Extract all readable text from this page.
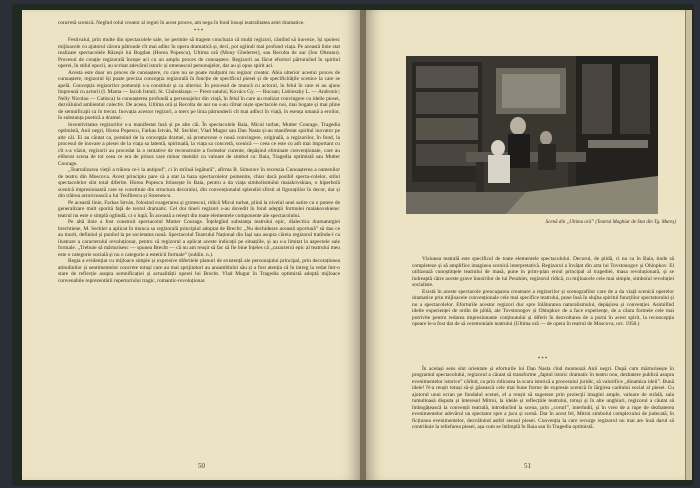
concretă scenică. Negînd rolul creator al regiei în acest proces, am nega în fond însuși teatralitatea artei dramatice.

***

Festivalul, prin multe din spectacolele sale, ne permite să tragem concluzia că mulți regizori, căutînd să inoveze, își spoiesc mijloacele cu ajutorul cărora pătrunde cît mai adînc în opera dramatică și, deci, pot oglindi mai profund viața. Pe această linie stat realizate spectacolele Răzeșii lui Bogdan (Horea Popescu), Ultima oră (Mony Ghelerter), sau Recolta de aur (Ion Olteanu). Procesul de creație regizorală începe aci cu un amplu proces de cunoaștere. Regizorii au făcut eforturi pătrunzînd în spiritul operei, în stilul epocii, au scrisat adevărul istoric și omenescul personajelor, dar au și opus spirit aci.

Acesta este doar un proces de cunoaștere, cu care nu se poate mulțumi nu regizor creator. Abia ulterior acestui proces de cunoaștere, regizorul își poate preciza concepția regizorală în funcție de specificul piesei și de specificitățile scenice la care se apelă. Concepția regizorilor pomeniți s-a constituit și ca ulterior. În procesul de muncă cu actorul, în felul în care ei au ajuns împreună cu actorii (I. Manta — Iacob Istrati; St. Ciubotărașu — Preot satului; Kovács Gy. — Bucsan; Lobinszky L. — Andronic; Nelly Nicolau — Catinca) la cunoașterea profundă a personajelor din viață, în felul în care au realizat convingere cu ideile piesei, dezvăluind ambientul colectiv. De aceea, Ultima oră și Recolta de aur nu s-au cîrnat niște spectacole noi, mai bogate și mai pline de semnificații ca în trecut. Inovația acestor regizori, a mers pe linia pătrunderii cît mai adînci în viață, în esența umană a eroilor, în substanța poetică a dramei.

Inventivitatea regizorilor s-a manifestat însă și pe alte căi. În spectacolele Baia, Micul turbat, Mutter Courage, Tragedia optimistă, Anii negri, Horea Popescu, Farkas István, M. Seckler, Vlad Mugur sau Dan Nasta și-au manifestat spiritul inovator pe alte căi. Ei au căutat ca, pornind de la concepția dramei, să promoveze o nouă convingere, originală, a regizorilor, în fond, la procesul de inovare a piesei de la viața sa latentă, spirituală, la viața sa concretă, scenică — ceea ce este cu atît mai important cu cît s-a văzut, regizorii au procedat la o tentative de reconstruire a formelor curente, depășind eliminate convenționale, care au eliberat scena de tot ceea ce era de prisos care minor mentări cu valoare de simbol ca: Baia, Tragedia optimistă sau Mutter Courage.

„Teatralizarea vieții a trăirea ce-i la antipod”, ci în strînsă legătură”, afirma R. Simonov în recenzia Cunoașterea a oamenilor de teatru din Moscova. Acest principiu pare că a stat la baza spectacolelor pomenite, chiar dacă posibil specta-colelor, stilul spectacolelor sînt total diferite. Horea Popescu folosește în Baia, pentru a da viața simbolismului maiakovskian, o hiperbolă scenică impresionantă care se constituie din structura decorului, din convenționalul splendid sfirsit al figurațiilor în decor, dar și din trăirea actoricească a lui Teofilescu și Stoenescu.

Pe această linie, Farkas István, folosind exagerarea și grotescul, ridică Micul turbat, plină la nivelul unei satire cu o putere de generalizare mult sporită față de textul dramatic. Cel doi tineri regizori s-au dovedit în fond adepții formulei maiakovskiene: teatrul nu este o simplă oglindă, ci o lupă. În această a reieșit din toate elementele componente ale spectacolului.

Pe altă linie a fost construit spectacolul Mutter Courage. Înțelegînd substanța teatrului epic, dialectica dramaturgiei brechtiene, M. Seckler a aplicat în munca sa regizorală principiul adoptat de Brecht: „Nu dechideare această oportună” să dau ce au murit, definind și punînd la pe societatea nouă. Spectacolul Teatrului Național din Iași sau asupra căreia regizorul tratîndu-l ca ilustrare a caracterului revoluționar, pentru că regizorul a aplicat aceste indicații pe situațiile, și au s-a limitat la aspectele sale formale. „Trebuie să mărturisesc — spunea Brecht — că nu am reușit să fac să fie bine înțeles că „caracterul epic al teatrului meu este o categorie socială și nu o categorie a esteticii formale” (sublin. n.).

Regia a evidențiat cu mijloace simple și expresive diferitele planuri de existență ale personajului principal, prin decorațiunea atitudinilor și sentimentelor concrete totuși care au mai sprijinitori au ansamblului său și a fost atenția că în intreg la redat într-o stare de reflecție asupra semnificației și actualității operei lui Brecht. Vlad Mugur în Tragedia optimistă adoptă mijloace convenabile reprezentării repertoriului tragic, romantic-revoluționar.

50
Scenă din „Ultima oră” (Teatrul Maghiar de Stat din Tg. Mureș)

Viziunea teatrală este specificul de toate elementele spectacolului. Decorul, de pildă, ci nu ca în Baia, tinde să completeze și să amplifice imaginea scenică interpretativă. Regizorul a învățat din arta lui Tovstonogov și Ohlopkov. El utilizează cunoștințele teatrului de masă, pune în prim-plan eroul principal al tragediei, masa revoluționară, și se îndreaptă către aceste grave înnoirilor de lui Perahim, regizorul ridică, cu mijloacele cele mai simple, simbolul revoluției socialiste.

Există în aceste spectacole preocuparea creatoare a regizorilor și scenografilor care de a da viață scenică operelor dramatice prin mijloacele convenționale cele mai specifice teatrului, pune însă în slujba spiritul funcțiilor spectatorului și nu a spectacolelor. Eforturile acestor regizori duc spre înlăturarea naturalismului, depășirea și convenției. Asimilînd ideile experienței de ordin de pildă, ale Tovstonogov și Ohlopkov de a face experiențe, de a căuta formele cele mai potrivite pentru redarea impresionante conținutului și diferit în dezvoltarea de a porni în acest spirit, la reconcepția opeare le-a fost dat de să ceremoniale teatrului (Ultima oră — de opera în teatrul de Moscova, oct. 1958.)

***

În același sens sînt orientate și eforturile lui Dan Nasta cînd montează Anii negri. După cum mărturisește în programul spectacolului, regizorul a căutat să transforme „faptul istoric dramatic în teatru nou, dezbatere publică asupra evenimentelor istorice” cărînd, ca prin ridicarea la scara istorică a procesului juridic, să valorifice „dinamica ideii”. Bună ideie! N-a reușit totuși să-și găsească cele mai bune forme de expresie scenică în lărgirea cadrului social al piesei. Cu ajutorul unui ecran pe fundalul scenei, el a reușit să sugereze prin proiecții imagini ample, valoare de strădă, sala tumultoasă disputa și interesul Mitroi, la ideile și reflecțiile teatrului, totuși și în alte unghiuri, regizorul a căutat să îmbogățească la convenții teatrală, introducînd la scena, prin „coruri”, interludii, și în vreo de a rupe de dezbaterea evenimentelor adevărul un spectator spre a juca și scenă. Dar în acest fel, Mitroi simbolul complexului de judecată, în ficțiunea evenimentelor, dezvăluind astfel sensul piesei. Convenția la care recurge regizorul nu mai are însă darul să contribuie la reliefarea piesei, așa cum se întîmplă în Baia sau în Tragedia optimistă.

51
